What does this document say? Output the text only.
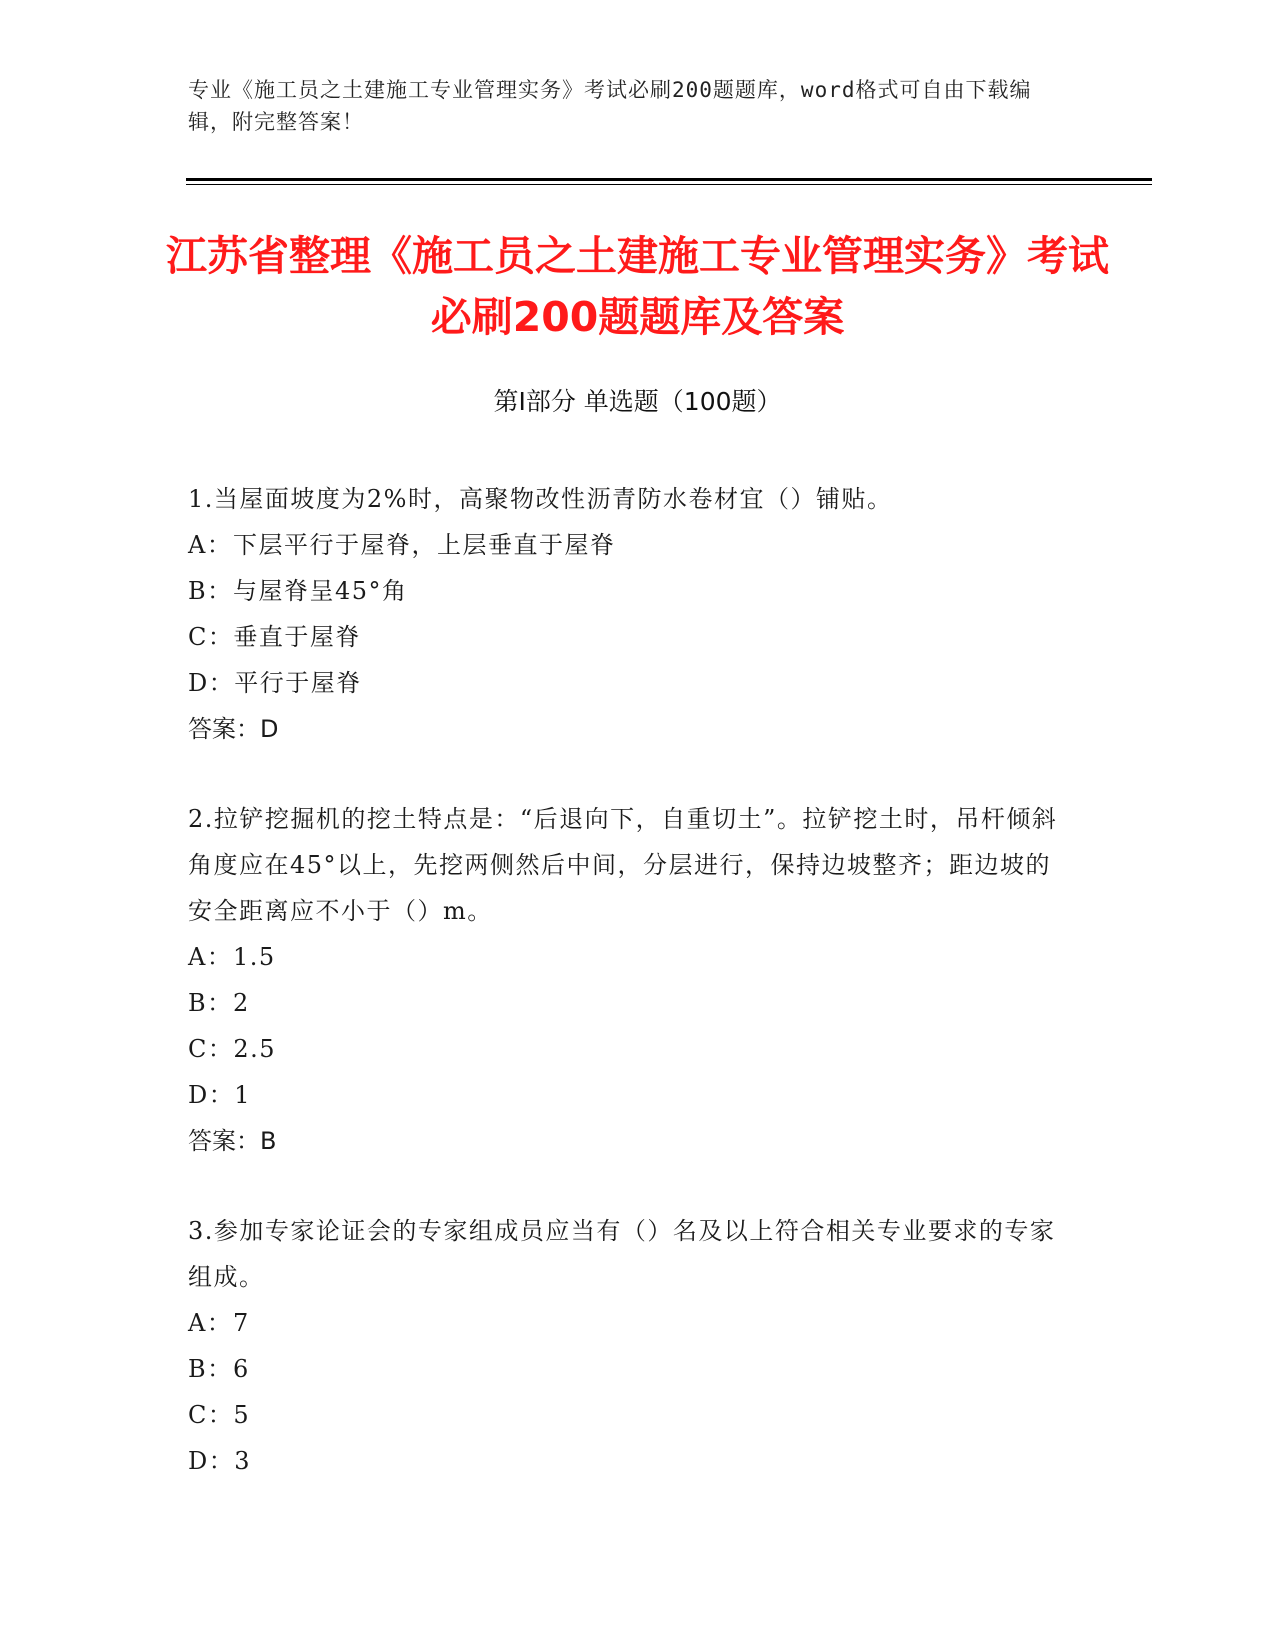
专业《施工员之土建施工专业管理实务》考试必刷200题题库，word格式可自由下载编辑，附完整答案！
江苏省整理《施工员之土建施工专业管理实务》考试必刷200题题库及答案
第Ⅰ部分 单选题（100题）

1.当屋面坡度为2%时，高聚物改性沥青防水卷材宜（）铺贴。

A： 下层平行于屋脊，上层垂直于屋脊

B： 与屋脊呈45°角

C： 垂直于屋脊

D： 平行于屋脊

答案：D

2.拉铲挖掘机的挖土特点是：“后退向下，自重切土”。拉铲挖土时，吊杆倾斜角度应在45°以上，先挖两侧然后中间，分层进行，保持边坡整齐；距边坡的安全距离应不小于（）m。

A： 1.5

B： 2

C： 2.5

D： 1

答案：B

3.参加专家论证会的专家组成员应当有（）名及以上符合相关专业要求的专家组成。

A： 7

B： 6

C： 5

D： 3
